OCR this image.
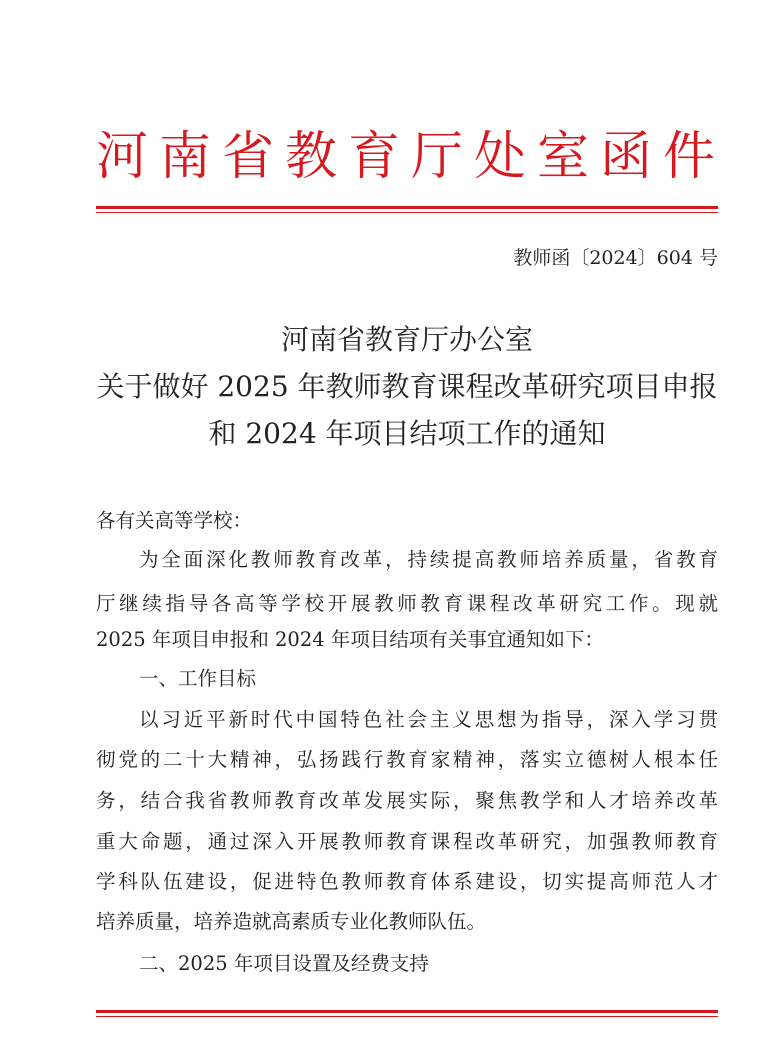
河南省教育厅处室函件
教师函〔2024〕604 号
河南省教育厅办公室
关于做好 2025 年教师教育课程改革研究项目申报
和 2024 年项目结项工作的通知
各有关高等学校：
为全面深化教师教育改革，持续提高教师培养质量，省教育
厅继续指导各高等学校开展教师教育课程改革研究工作。现就
2025 年项目申报和 2024 年项目结项有关事宜通知如下：
一、工作目标
以习近平新时代中国特色社会主义思想为指导，深入学习贯
彻党的二十大精神，弘扬践行教育家精神，落实立德树人根本任
务，结合我省教师教育改革发展实际，聚焦教学和人才培养改革
重大命题，通过深入开展教师教育课程改革研究，加强教师教育
学科队伍建设，促进特色教师教育体系建设，切实提高师范人才
培养质量，培养造就高素质专业化教师队伍。
二、2025 年项目设置及经费支持
